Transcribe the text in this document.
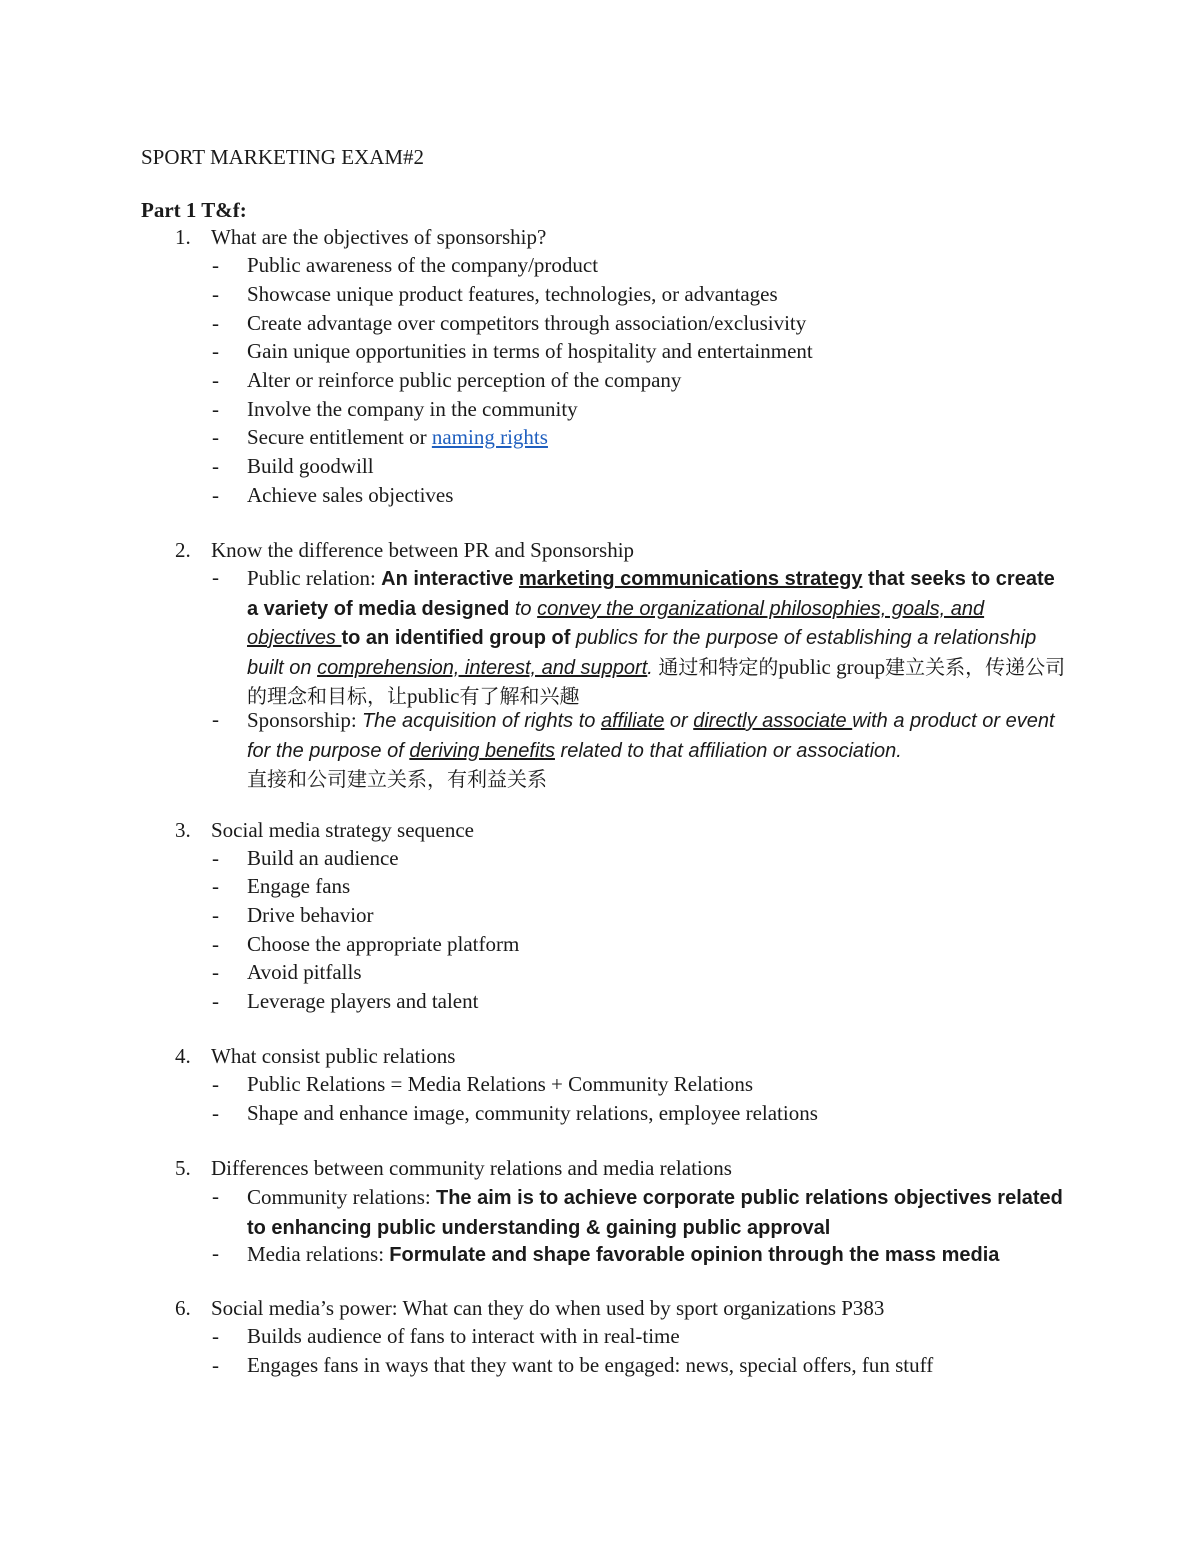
SPORT MARKETING EXAM#2
Part 1 T&f:
1. What are the objectives of sponsorship?
- Public awareness of the company/product
- Showcase unique product features, technologies, or advantages
- Create advantage over competitors through association/exclusivity
- Gain unique opportunities in terms of hospitality and entertainment
- Alter or reinforce public perception of the company
- Involve the company in the community
- Secure entitlement or naming rights
- Build goodwill
- Achieve sales objectives
2. Know the difference between PR and Sponsorship
- Public relation: An interactive marketing communications strategy that seeks to create a variety of media designed to convey the organizational philosophies, goals, and objectives to an identified group of publics for the purpose of establishing a relationship built on comprehension, interest, and support. 通过和特定的public group建立关系，传递公司的理念和目标，让public有了解和兴趣
- Sponsorship: The acquisition of rights to affiliate or directly associate with a product or event for the purpose of deriving benefits related to that affiliation or association.
直接和公司建立关系，有利益关系
3. Social media strategy sequence
- Build an audience
- Engage fans
- Drive behavior
- Choose the appropriate platform
- Avoid pitfalls
- Leverage players and talent
4. What consist public relations
- Public Relations = Media Relations + Community Relations
- Shape and enhance image, community relations, employee relations
5. Differences between community relations and media relations
- Community relations: The aim is to achieve corporate public relations objectives related to enhancing public understanding & gaining public approval
- Media relations: Formulate and shape favorable opinion through the mass media
6. Social media’s power: What can they do when used by sport organizations P383
- Builds audience of fans to interact with in real-time
- Engages fans in ways that they want to be engaged: news, special offers, fun stuff
